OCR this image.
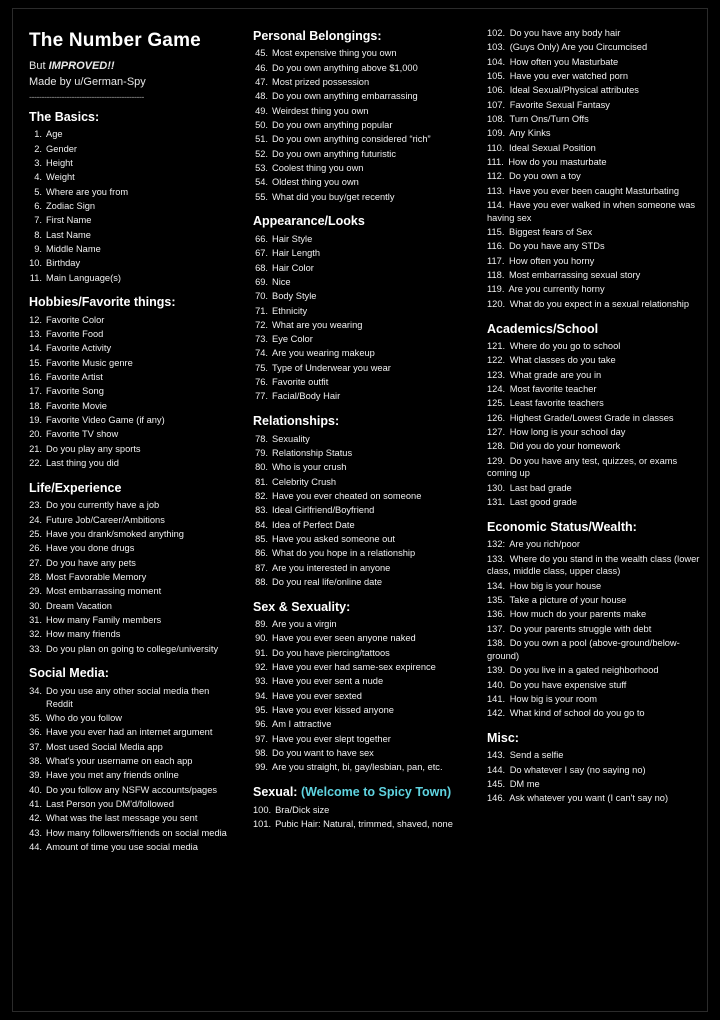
The Number Game
But IMPROVED!!
Made by u/German-Spy
----------------------------------------------
The Basics:
1. Age
2. Gender
3. Height
4. Weight
5. Where are you from
6. Zodiac Sign
7. First Name
8. Last Name
9. Middle Name
10. Birthday
11. Main Language(s)
Hobbies/Favorite things:
12. Favorite Color
13. Favorite Food
14. Favorite Activity
15. Favorite Music genre
16. Favorite Artist
17. Favorite Song
18. Favorite Movie
19. Favorite Video Game (if any)
20. Favorite TV show
21. Do you play any sports
22. Last thing you did
Life/Experience
23. Do you currently have a job
24. Future Job/Career/Ambitions
25. Have you drank/smoked anything
26. Have you done drugs
27. Do you have any pets
28. Most Favorable Memory
29. Most embarrassing moment
30. Dream Vacation
31. How many Family members
32. How many friends
33. Do you plan on going to college/university
Social Media:
34. Do you use any other social media then Reddit
35. Who do you follow
36. Have you ever had an internet argument
37. Most used Social Media app
38. What's your username on each app
39. Have you met any friends online
40. Do you follow any NSFW accounts/pages
41. Last Person you DM'd/followed
42. What was the last message you sent
43. How many followers/friends on social media
44. Amount of time you use social media
Personal Belongings:
45. Most expensive thing you own
46. Do you own anything above $1,000
47. Most prized possession
48. Do you own anything embarrassing
49. Weirdest thing you own
50. Do you own anything popular
51. Do you own anything considered “rich”
52. Do you own anything futuristic
53. Coolest thing you own
54. Oldest thing you own
55. What did you buy/get recently
Appearance/Looks
66. Hair Style
67. Hair Length
68. Hair Color
69. Nice
70. Body Style
71. Ethnicity
72. What are you wearing
73. Eye Color
74. Are you wearing makeup
75. Type of Underwear you wear
76. Favorite outfit
77. Facial/Body Hair
Relationships:
78. Sexuality
79. Relationship Status
80. Who is your crush
81. Celebrity Crush
82. Have you ever cheated on someone
83. Ideal Girlfriend/Boyfriend
84. Idea of Perfect Date
85. Have you asked someone out
86. What do you hope in a relationship
87. Are you interested in anyone
88. Do you real life/online date
Sex & Sexuality:
89. Are you a virgin
90. Have you ever seen anyone naked
91. Do you have piercing/tattoos
92. Have you ever had same-sex expirence
93. Have you ever sent a nude
94. Have you ever sexted
95. Have you ever kissed anyone
96. Am I attractive
97. Have you ever slept together
98. Do you want to have sex
99. Are you straight, bi, gay/lesbian, pan, etc.
Sexual: (Welcome to Spicy Town)
100. Bra/Dick size
101. Pubic Hair: Natural, trimmed, shaved, none
102. Do you have any body hair
103. (Guys Only) Are you Circumcised
104. How often you Masturbate
105. Have you ever watched porn
106. Ideal Sexual/Physical attributes
107. Favorite Sexual Fantasy
108. Turn Ons/Turn Offs
109. Any Kinks
110. Ideal Sexual Position
111. How do you masturbate
112. Do you own a toy
113. Have you ever been caught Masturbating
114. Have you ever walked in when someone was having sex
115. Biggest fears of Sex
116. Do you have any STDs
117. How often you horny
118. Most embarrassing sexual story
119. Are you currently horny
120. What do you expect in a sexual relationship
Academics/School
121. Where do you go to school
122. What classes do you take
123. What grade are you in
124. Most favorite teacher
125. Least favorite teachers
126. Highest Grade/Lowest Grade in classes
127. How long is your school day
128. Did you do your homework
129. Do you have any test, quizzes, or exams coming up
130. Last bad grade
131. Last good grade
Economic Status/Wealth:
132: Are you rich/poor
133. Where do you stand in the wealth class (lower class, middle class, upper class)
134. How big is your house
135. Take a picture of your house
136. How much do your parents make
137. Do your parents struggle with debt
138. Do you own a pool (above-ground/below-ground)
139. Do you live in a gated neighborhood
140. Do you have expensive stuff
141. How big is your room
142. What kind of school do you go to
Misc:
143. Send a selfie
144. Do whatever I say (no saying no)
145. DM me
146. Ask whatever you want (I can't say no)
